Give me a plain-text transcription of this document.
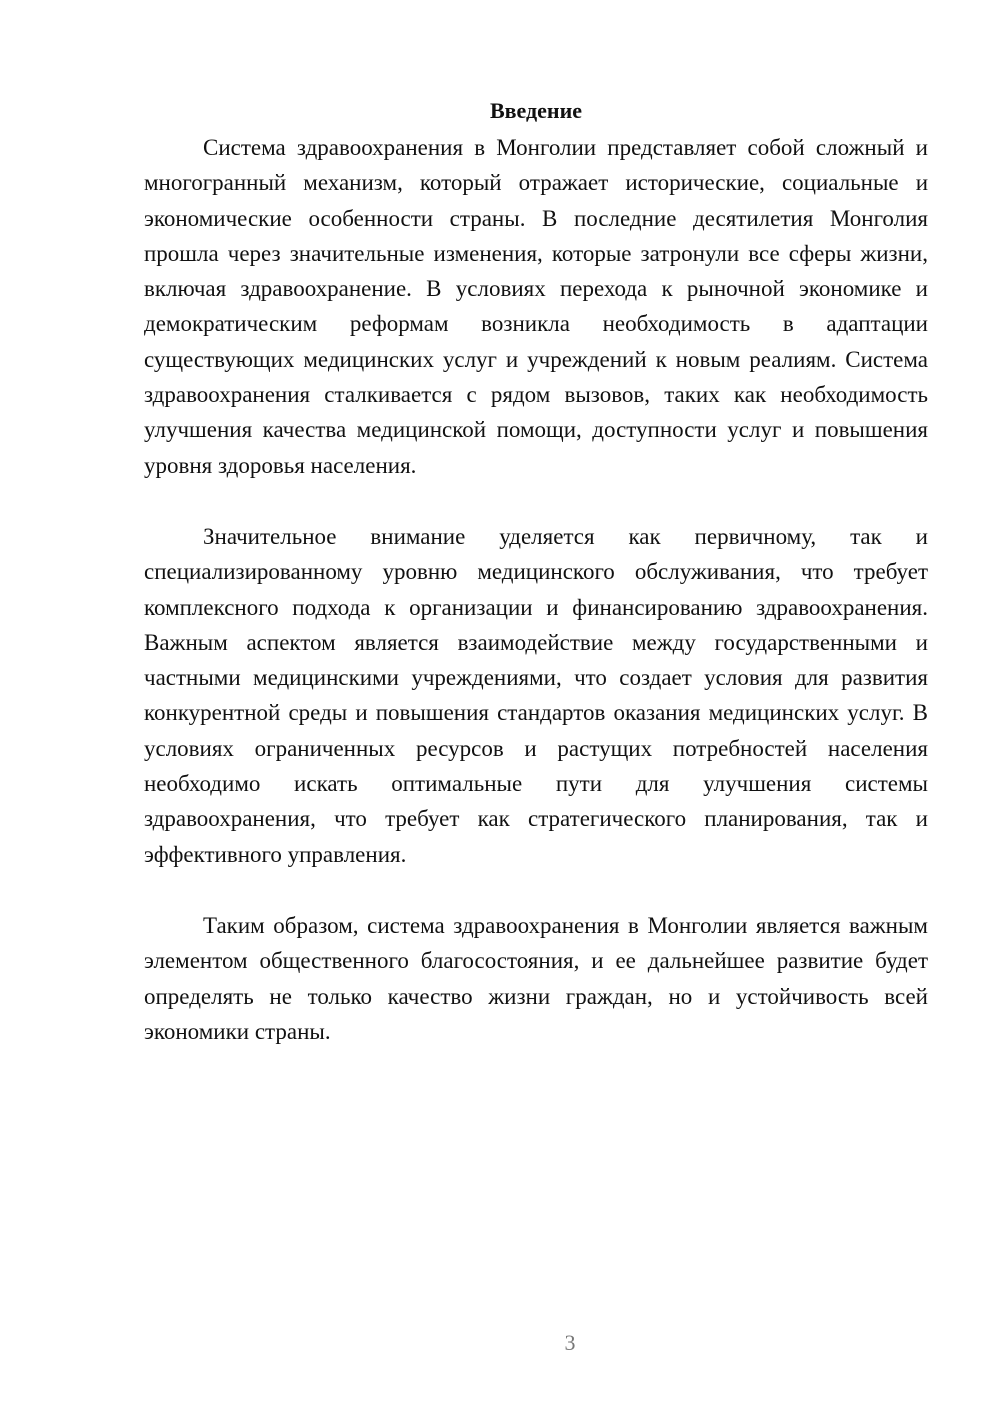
Введение

Система здравоохранения в Монголии представляет собой сложный и многогранный механизм, который отражает исторические, социальные и экономические особенности страны. В последние десятилетия Монголия прошла через значительные изменения, которые затронули все сферы жизни, включая здравоохранение. В условиях перехода к рыночной экономике и демократическим реформам возникла необходимость в адаптации существующих медицинских услуг и учреждений к новым реалиям. Система здравоохранения сталкивается с рядом вызовов, таких как необходимость улучшения качества медицинской помощи, доступности услуг и повышения уровня здоровья населения.

Значительное внимание уделяется как первичному, так и специализированному уровню медицинского обслуживания, что требует комплексного подхода к организации и финансированию здравоохранения. Важным аспектом является взаимодействие между государственными и частными медицинскими учреждениями, что создает условия для развития конкурентной среды и повышения стандартов оказания медицинских услуг. В условиях ограниченных ресурсов и растущих потребностей населения необходимо искать оптимальные пути для улучшения системы здравоохранения, что требует как стратегического планирования, так и эффективного управления.

Таким образом, система здравоохранения в Монголии является важным элементом общественного благосостояния, и ее дальнейшее развитие будет определять не только качество жизни граждан, но и устойчивость всей экономики страны.

3
